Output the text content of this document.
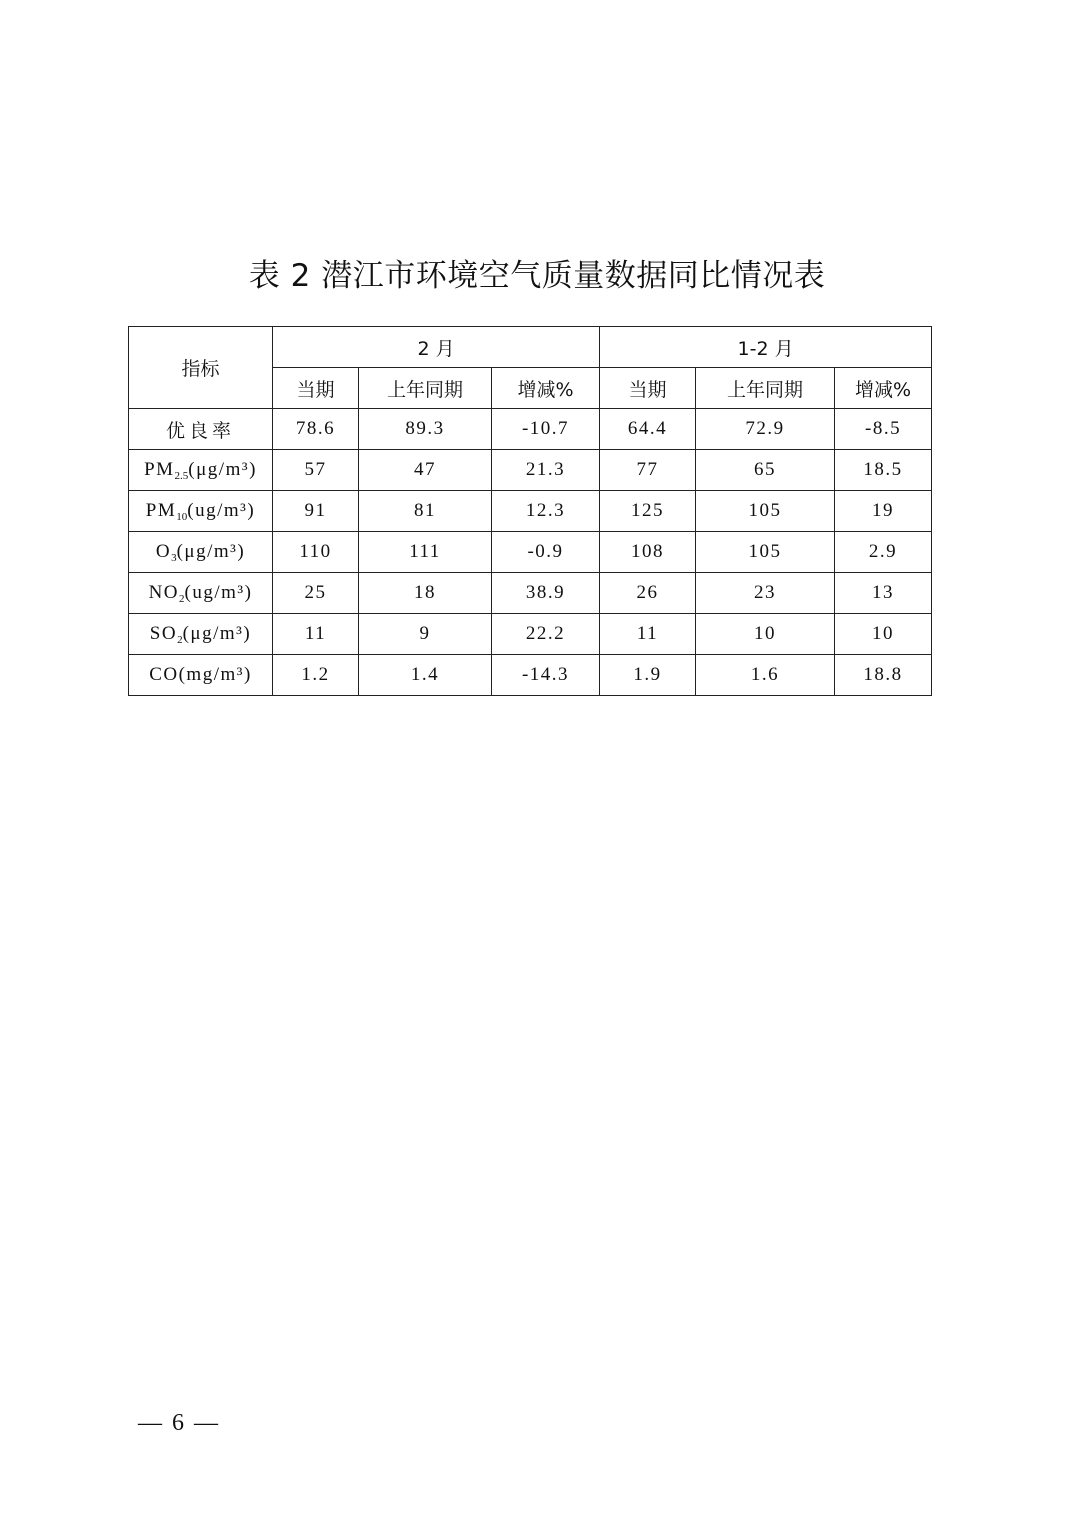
表 2 潜江市环境空气质量数据同比情况表
指标	2 月			1-2 月		
	当期	上年同期	增减%	当期	上年同期	增减%
优良率	78.6	89.3	-10.7	64.4	72.9	-8.5
$PM_{2.5}(\mu g/m^3)$	57	47	21.3	77	65	18.5
$PM_{10}(ug/m^3)$	91	81	12.3	125	105	19
$O_3(\mu g/m^3)$	110	111	-0.9	108	105	2.9
$NO_2(ug/m^3)$	25	18	38.9	26	23	13
$SO_2(\mu g/m^3)$	11	9	22.2	11	10	10
CO(mg/m³)	1.2	1.4	-14.3	1.9	1.6	18.8
— 6 —
